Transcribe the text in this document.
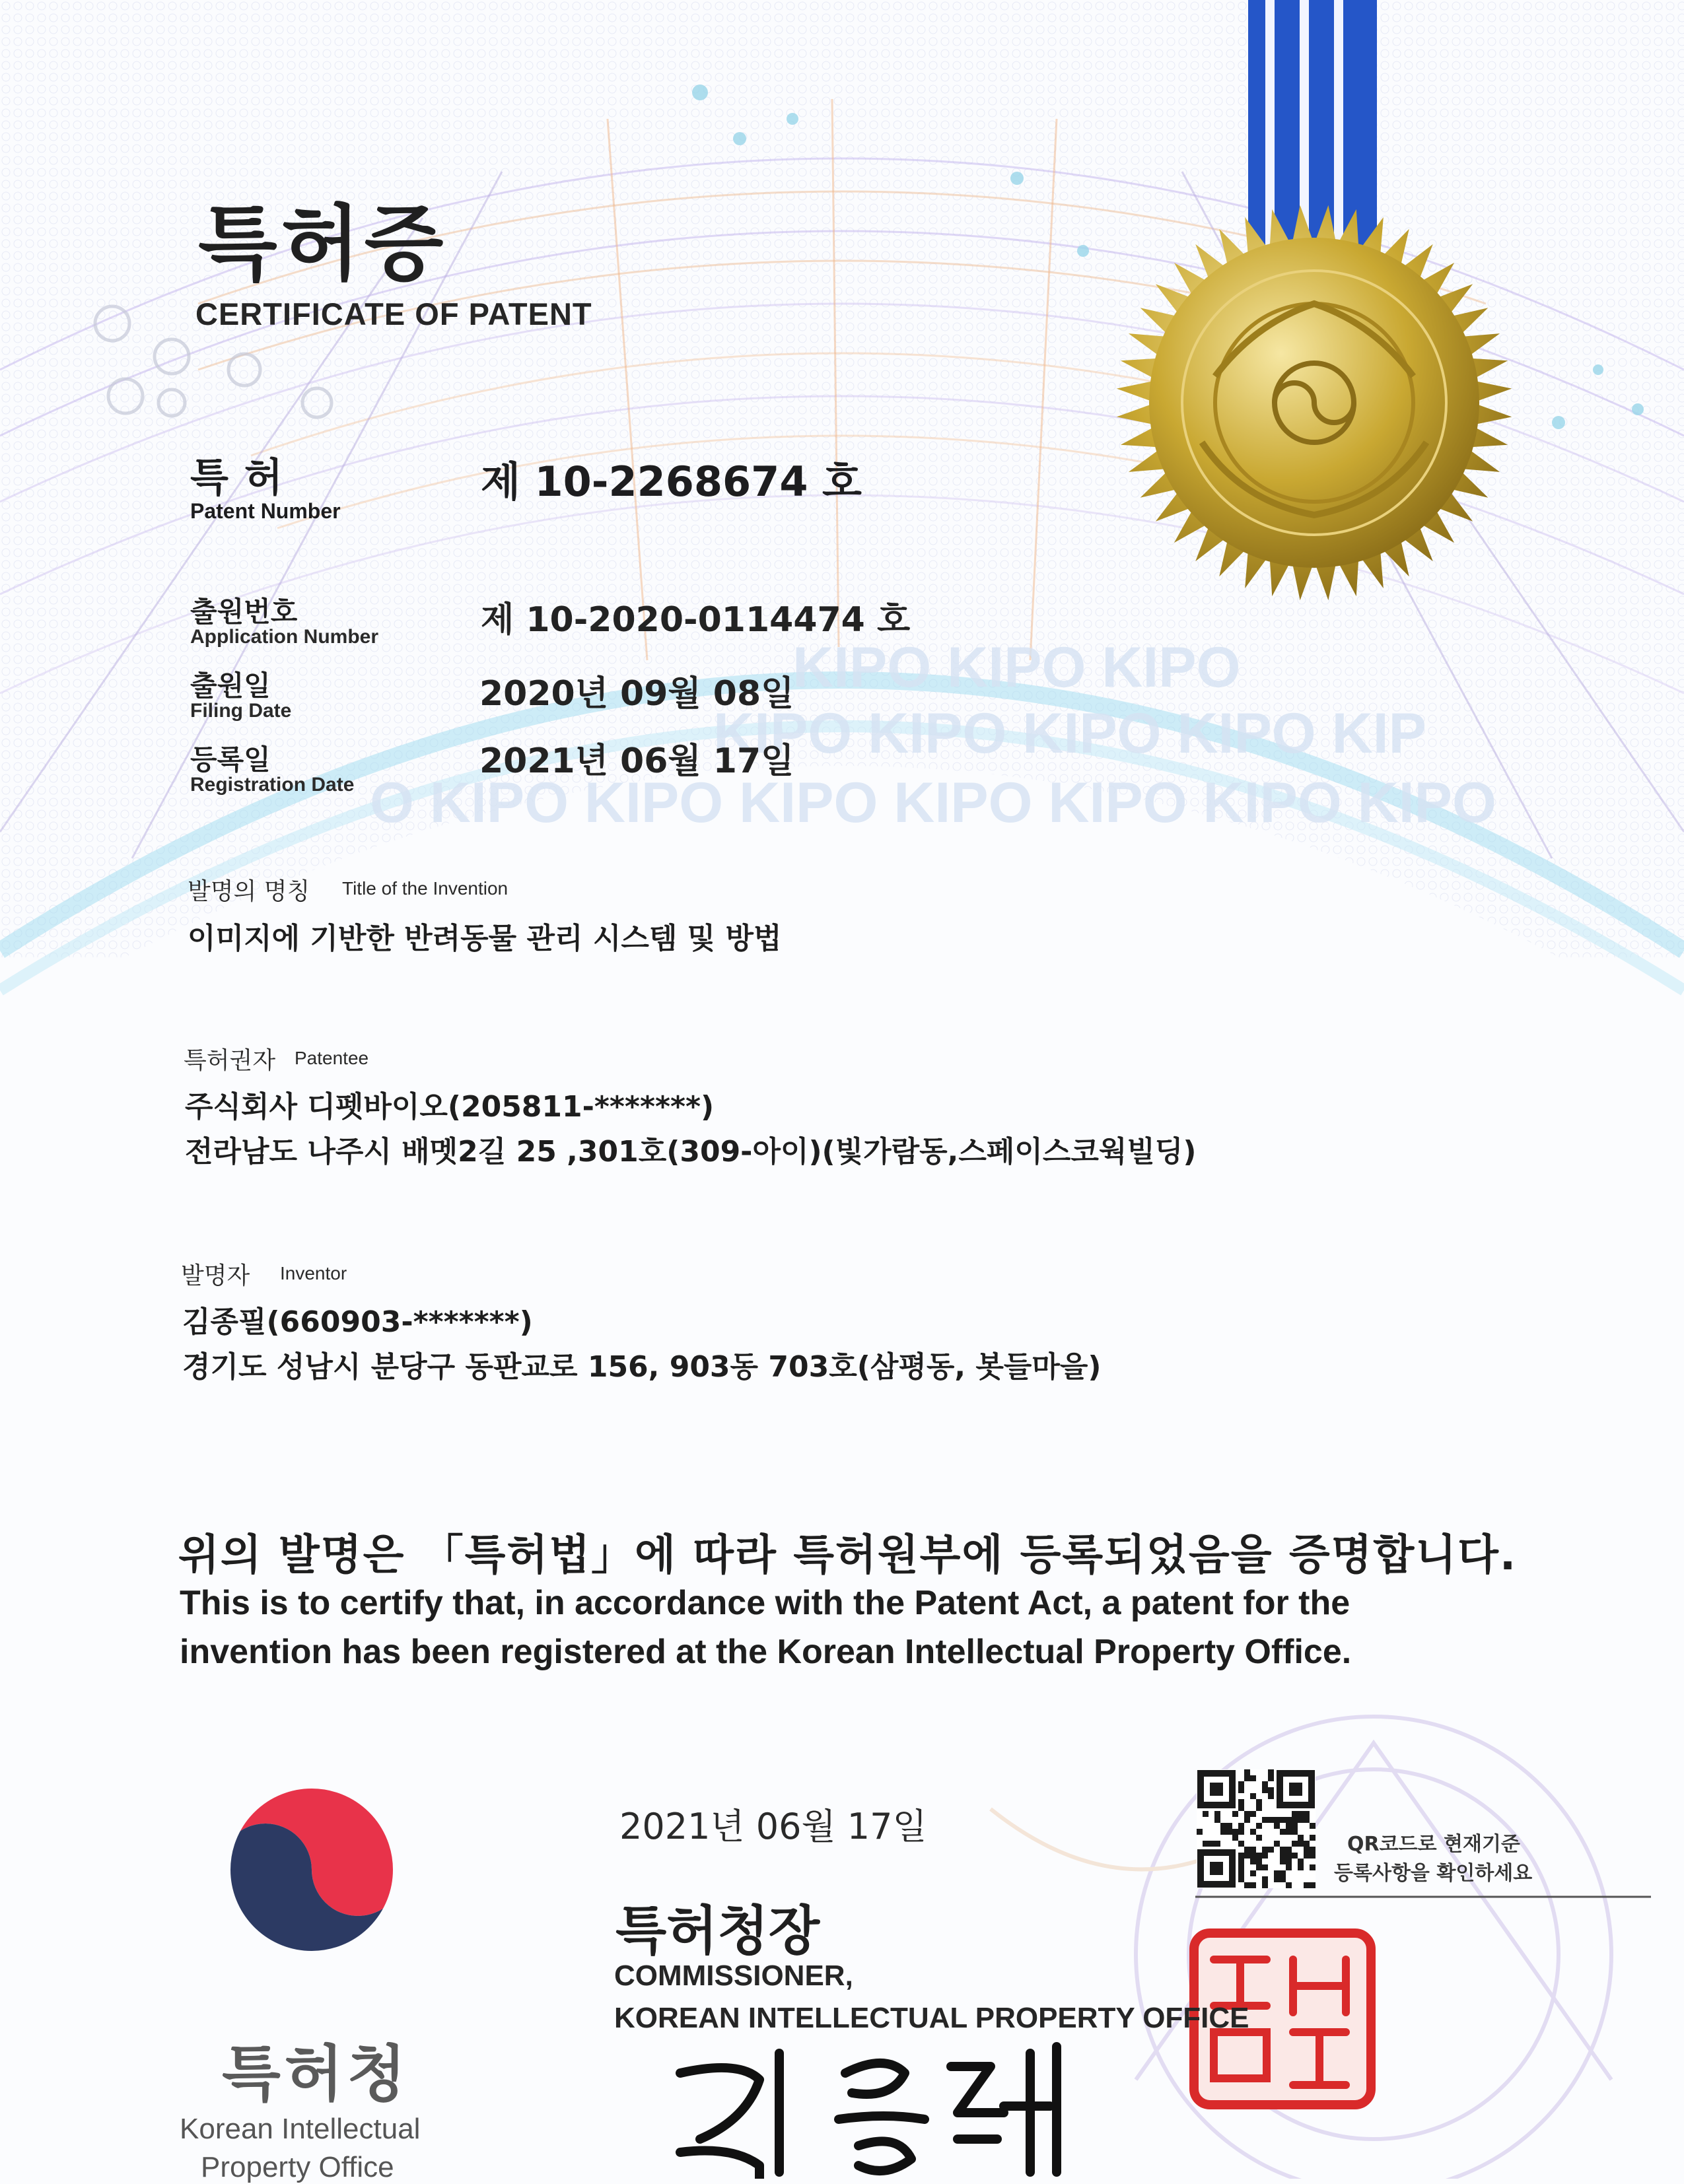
KIPO KIPO KIPO
KIPO KIPO KIPO KIPO KIP
O KIPO KIPO KIPO KIPO KIPO KIPO KIPO
특허증
CERTIFICATE OF PATENT
특허
Patent Number
제 10-2268674 호
출원번호
Application Number	제 10-2020-0114474 호
출원일
Filing Date	2020년 09월 08일
등록일
Registration Date
2021년 06월 17일
발명의 명칭 Title of the Invention
이미지에 기반한 반려동물 관리 시스템 및 방법
특허권자 Patentee
주식회사 디펫바이오(205811-*******)
전라남도 나주시 배멧2길 25 ,301호(309-아이)(빛가람동,스페이스코웍빌딩)
발명자 Inventor
김종필(660903-*******)
경기도 성남시 분당구 동판교로 156, 903동 703호(삼평동, 봇들마을)
위의 발명은 「특허법」에 따라 특허원부에 등록되었음을 증명합니다.
This is to certify that, in accordance with the Patent Act, a patent for the
invention has been registered at the Korean Intellectual Property Office.
2021년 06월 17일
특허청장
COMMISSIONER,
KOREAN INTELLECTUAL PROPERTY OFFICE
QR코드로 현재기준
등록사항을 확인하세요
특허청
Korean Intellectual
Property Office
